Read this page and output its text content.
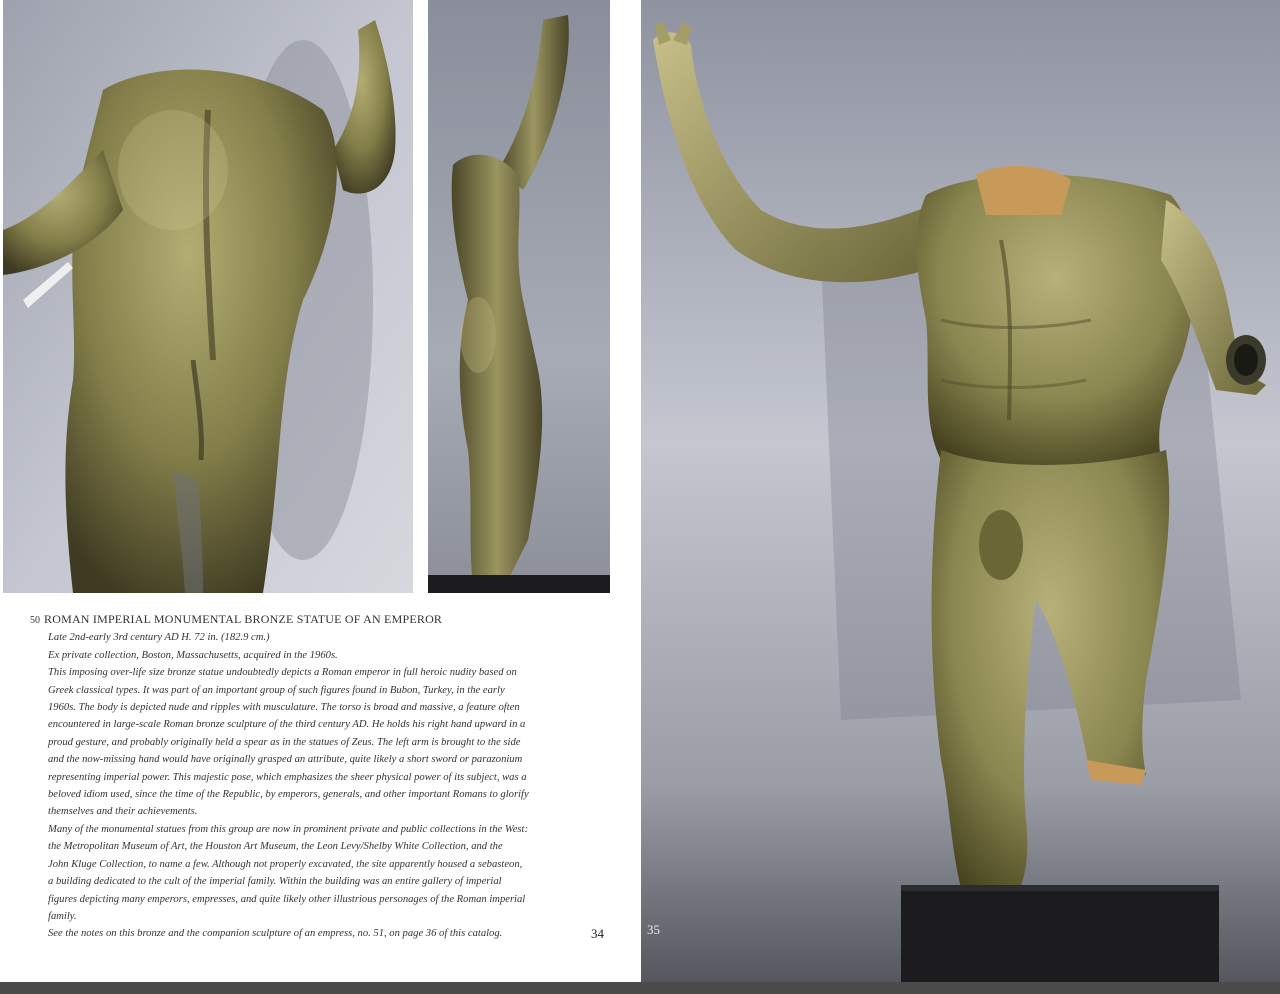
50 ROMAN IMPERIAL MONUMENTAL BRONZE STATUE OF AN EMPEROR
Late 2nd-early 3rd century AD H. 72 in. (182.9 cm.)
Ex private collection, Boston, Massachusetts, acquired in the 1960s.
This imposing over-life size bronze statue undoubtedly depicts a Roman emperor in full heroic nudity based on
Greek classical types. It was part of an important group of such figures found in Bubon, Turkey, in the early
1960s. The body is depicted nude and ripples with musculature. The torso is broad and massive, a feature often
encountered in large-scale Roman bronze sculpture of the third century AD. He holds his right hand upward in a
proud gesture, and probably originally held a spear as in the statues of Zeus. The left arm is brought to the side
and the now-missing hand would have originally grasped an attribute, quite likely a short sword or parazonium
representing imperial power. This majestic pose, which emphasizes the sheer physical power of its subject, was a
beloved idiom used, since the time of the Republic, by emperors, generals, and other important Romans to glorify
themselves and their achievements.
Many of the monumental statues from this group are now in prominent private and public collections in the West:
the Metropolitan Museum of Art, the Houston Art Museum, the Leon Levy/Shelby White Collection, and the
John Kluge Collection, to name a few. Although not properly excavated, the site apparently housed a sebasteon,
a building dedicated to the cult of the imperial family. Within the building was an entire gallery of imperial
figures depicting many emperors, empresses, and quite likely other illustrious personages of the Roman imperial
family.
See the notes on this bronze and the companion sculpture of an empress, no. 51, on page 36 of this catalog.	34	35
